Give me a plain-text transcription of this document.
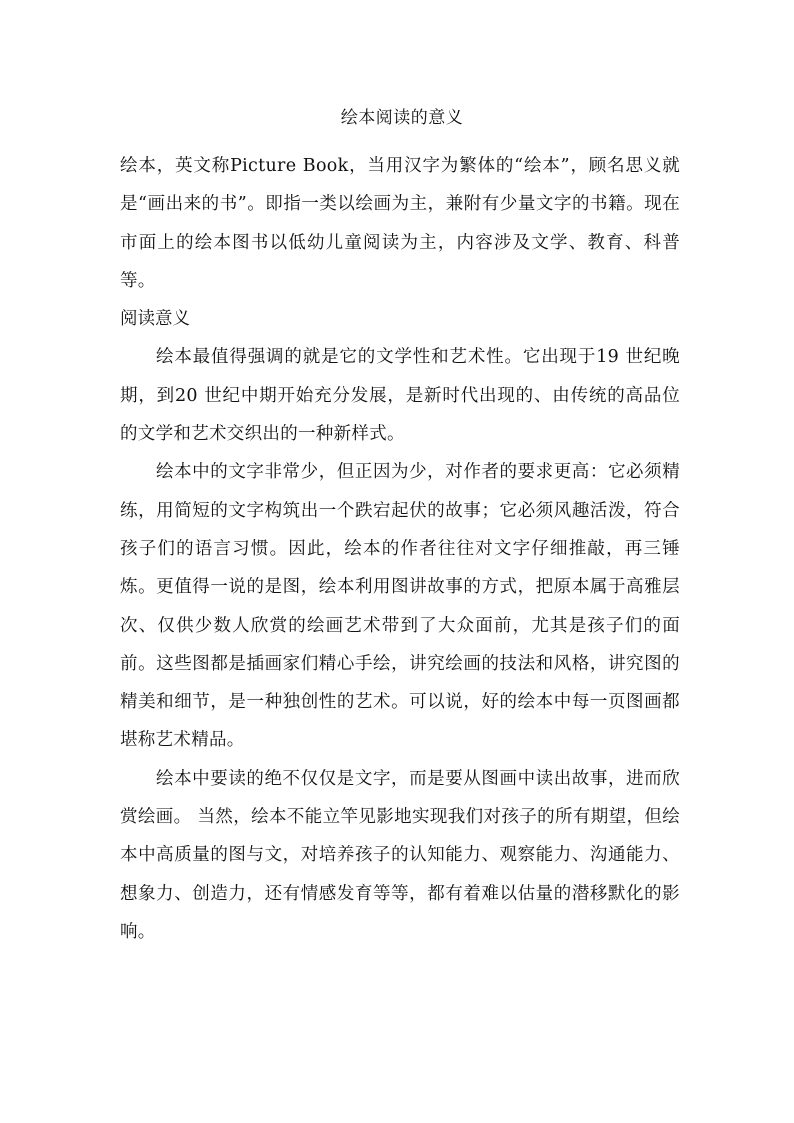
绘本阅读的意义

绘本，英文称Picture Book，当用汉字为繁体的“绘本”，顾名思义就是“画出来的书”。即指一类以绘画为主，兼附有少量文字的书籍。现在市面上的绘本图书以低幼儿童阅读为主，内容涉及文学、教育、科普等。

阅读意义

绘本最值得强调的就是它的文学性和艺术性。它出现于19 世纪晚期，到20 世纪中期开始充分发展，是新时代出现的、由传统的高品位的文学和艺术交织出的一种新样式。

绘本中的文字非常少，但正因为少，对作者的要求更高：它必须精练，用简短的文字构筑出一个跌宕起伏的故事；它必须风趣活泼，符合孩子们的语言习惯。因此，绘本的作者往往对文字仔细推敲，再三锤炼。更值得一说的是图，绘本利用图讲故事的方式，把原本属于高雅层次、仅供少数人欣赏的绘画艺术带到了大众面前，尤其是孩子们的面前。这些图都是插画家们精心手绘，讲究绘画的技法和风格，讲究图的精美和细节，是一种独创性的艺术。可以说，好的绘本中每一页图画都堪称艺术精品。

绘本中要读的绝不仅仅是文字，而是要从图画中读出故事，进而欣赏绘画。 当然，绘本不能立竿见影地实现我们对孩子的所有期望，但绘本中高质量的图与文，对培养孩子的认知能力、观察能力、沟通能力、想象力、创造力，还有情感发育等等，都有着难以估量的潜移默化的影响。
